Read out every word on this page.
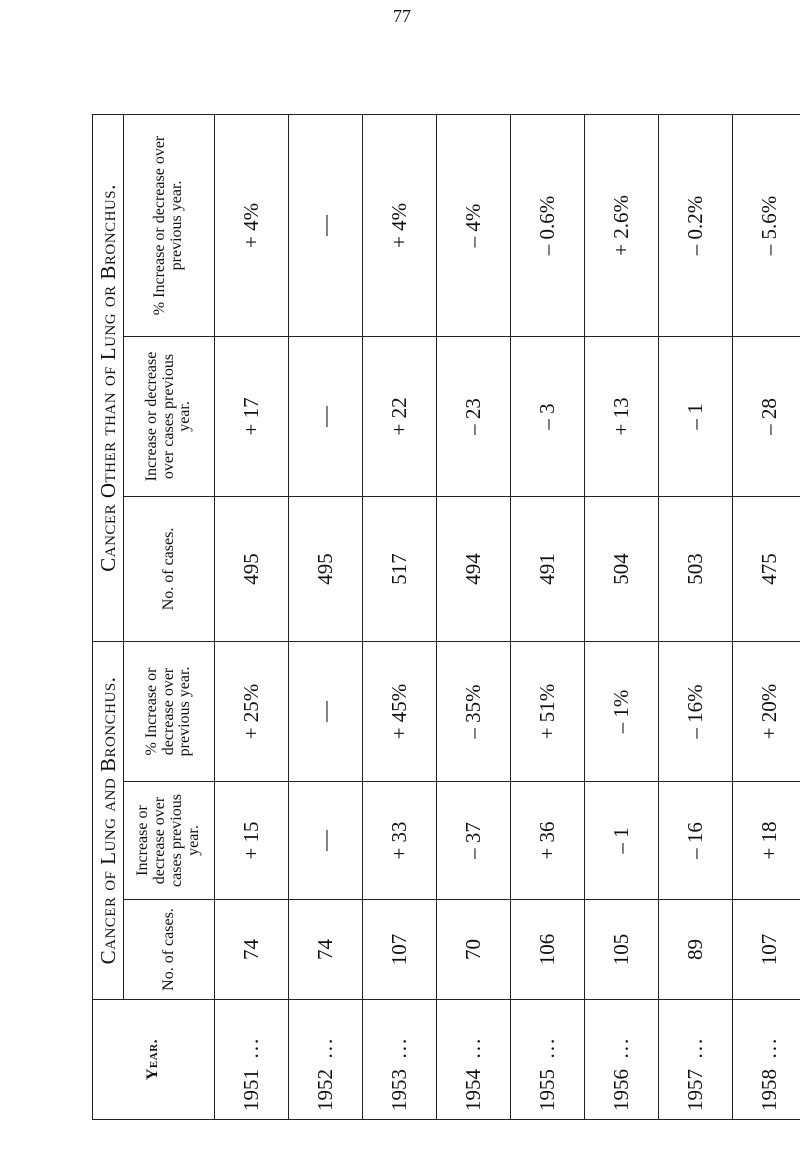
77
Year.	Cancer of Lung and Bronchus.			Cancer Other than of Lung or Bronchus.		
	No. of cases.	Increase or decrease over cases previous year.	% Increase or decrease over previous year.	No. of cases.	Increase or decrease over cases previous year.	% Increase or decrease over previous year.
1951  ...	74	+ 15	+ 25%	495	+ 17	+ 4%
1952  ...	74	—	—	495	—	—
1953  ...	107	+ 33	+ 45%	517	+ 22	+ 4%
1954  ...	70	– 37	– 35%	494	– 23	– 4%
1955  ...	106	+ 36	+ 51%	491	– 3	– 0.6%
1956  ...	105	– 1	– 1%	504	+ 13	+ 2.6%
1957  ...	89	– 16	– 16%	503	– 1	– 0.2%
1958  ...	107	+ 18	+ 20%	475	– 28	– 5.6%
